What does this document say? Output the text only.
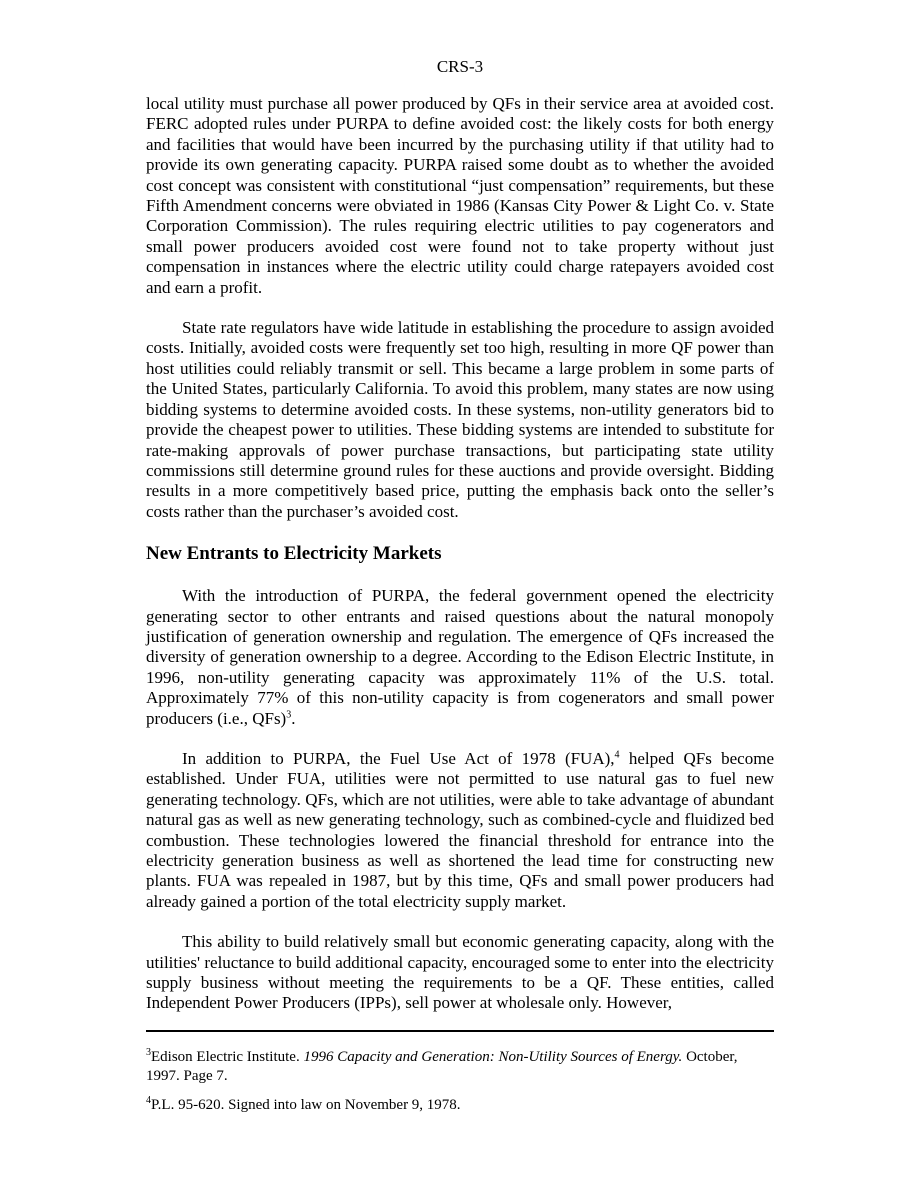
CRS-3

local utility must purchase all power produced by QFs in their service area at avoided cost. FERC adopted rules under PURPA to define avoided cost: the likely costs for both energy and facilities that would have been incurred by the purchasing utility if that utility had to provide its own generating capacity. PURPA raised some doubt as to whether the avoided cost concept was consistent with constitutional “just compensation” requirements, but these Fifth Amendment concerns were obviated in 1986 (Kansas City Power & Light Co. v. State Corporation Commission). The rules requiring electric utilities to pay cogenerators and small power producers avoided cost were found not to take property without just compensation in instances where the electric utility could charge ratepayers avoided cost and earn a profit.

State rate regulators have wide latitude in establishing the procedure to assign avoided costs. Initially, avoided costs were frequently set too high, resulting in more QF power than host utilities could reliably transmit or sell. This became a large problem in some parts of the United States, particularly California. To avoid this problem, many states are now using bidding systems to determine avoided costs. In these systems, non-utility generators bid to provide the cheapest power to utilities. These bidding systems are intended to substitute for rate-making approvals of power purchase transactions, but participating state utility commissions still determine ground rules for these auctions and provide oversight. Bidding results in a more competitively based price, putting the emphasis back onto the seller’s costs rather than the purchaser’s avoided cost.

New Entrants to Electricity Markets

With the introduction of PURPA, the federal government opened the electricity generating sector to other entrants and raised questions about the natural monopoly justification of generation ownership and regulation. The emergence of QFs increased the diversity of generation ownership to a degree. According to the Edison Electric Institute, in 1996, non-utility generating capacity was approximately 11% of the U.S. total. Approximately 77% of this non-utility capacity is from cogenerators and small power producers (i.e., QFs)$^3$.

In addition to PURPA, the Fuel Use Act of 1978 (FUA),$^4$ helped QFs become established. Under FUA, utilities were not permitted to use natural gas to fuel new generating technology. QFs, which are not utilities, were able to take advantage of abundant natural gas as well as new generating technology, such as combined-cycle and fluidized bed combustion. These technologies lowered the financial threshold for entrance into the electricity generation business as well as shortened the lead time for constructing new plants. FUA was repealed in 1987, but by this time, QFs and small power producers had already gained a portion of the total electricity supply market.

This ability to build relatively small but economic generating capacity, along with the utilities' reluctance to build additional capacity, encouraged some to enter into the electricity supply business without meeting the requirements to be a QF. These entities, called Independent Power Producers (IPPs), sell power at wholesale only. However,

$^3$Edison Electric Institute. 1996 Capacity and Generation: Non-Utility Sources of Energy. October, 1997. Page 7.

$^4$P.L. 95-620. Signed into law on November 9, 1978.
